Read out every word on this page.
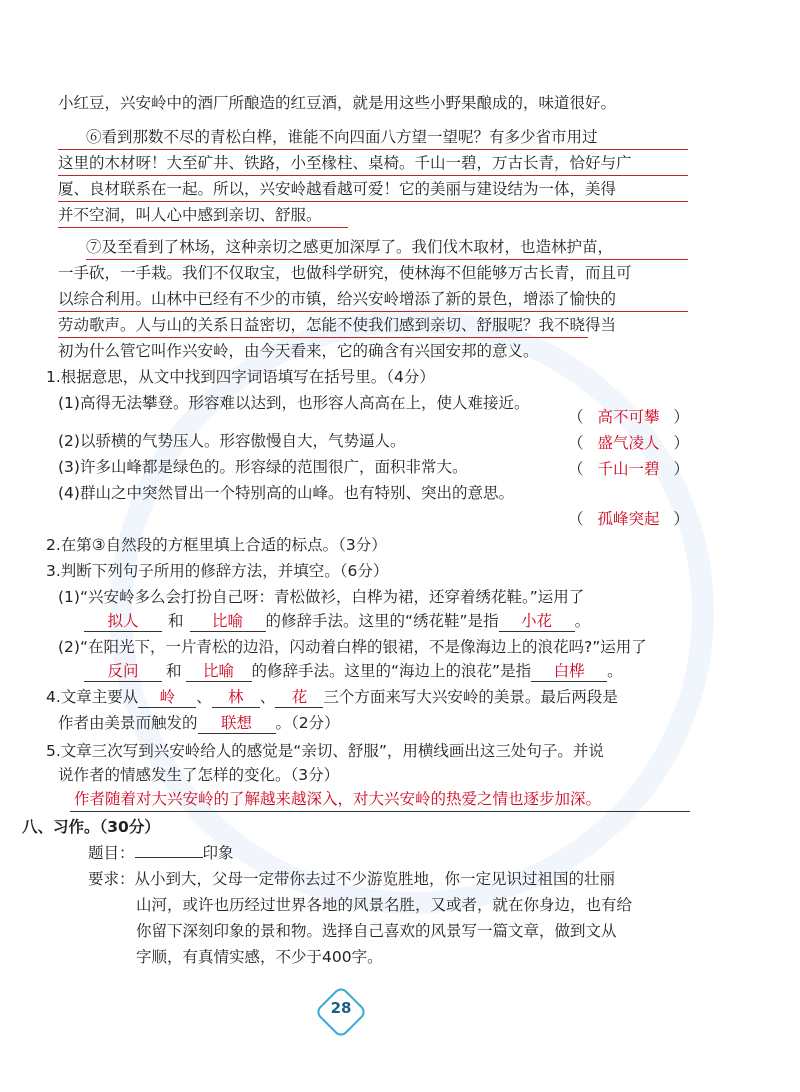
小红豆，兴安岭中的酒厂所酿造的红豆酒，就是用这些小野果酿成的，味道很好。
⑥看到那数不尽的青松白桦，谁能不向四面八方望一望呢？有多少省市用过
这里的木材呀！大至矿井、铁路，小至椽柱、桌椅。千山一碧，万古长青，恰好与广
厦、良材联系在一起。所以，兴安岭越看越可爱！它的美丽与建设结为一体，美得
并不空洞，叫人心中感到亲切、舒服。
⑦及至看到了林场，这种亲切之感更加深厚了。我们伐木取材，也造林护苗，
一手砍，一手栽。我们不仅取宝，也做科学研究，使林海不但能够万古长青，而且可
以综合利用。山林中已经有不少的市镇，给兴安岭增添了新的景色，增添了愉快的
劳动歌声。人与山的关系日益密切，怎能不使我们感到亲切、舒服呢？我不晓得当
初为什么管它叫作兴安岭，由今天看来，它的确含有兴国安邦的意义。
1.根据意思，从文中找到四字词语填写在括号里。（4分）
(1)高得无法攀登。形容难以达到，也形容人高高在上，使人难接近。
（ 高不可攀 ）
(2)以骄横的气势压人。形容傲慢自大，气势逼人。	（ 盛气凌人 ）
(3)许多山峰都是绿色的。形容绿的范围很广，面积非常大。	（ 千山一碧 ）
(4)群山之中突然冒出一个特别高的山峰。也有特别、突出的意思。
（ 孤峰突起 ）
2.在第③自然段的方框里填上合适的标点。（3分）
3.判断下列句子所用的修辞方法，并填空。（6分）
(1)“兴安岭多么会打扮自己呀：青松做衫，白桦为裙，还穿着绣花鞋。”运用了
拟人 和 比喻 的修辞手法。这里的“绣花鞋”是指 小花 。
(2)“在阳光下，一片青松的边沿，闪动着白桦的银裙，不是像海边上的浪花吗?”运用了
反问 和 比喻 的修辞手法。这里的“海边上的浪花”是指 白桦 。
4.文章主要从 岭 、 林 、 花 三个方面来写大兴安岭的美景。最后两段是
作者由美景而触发的 联想 。（2分）
5.文章三次写到兴安岭给人的感觉是“亲切、舒服”，用横线画出这三处句子。并说
说作者的情感发生了怎样的变化。（3分）
作者随着对大兴安岭的了解越来越深入，对大兴安岭的热爱之情也逐步加深。
八、习作。（30分）
题目：	印象
要求：从小到大，父母一定带你去过不少游览胜地，你一定见识过祖国的壮丽
山河，或许也历经过世界各地的风景名胜，又或者，就在你身边，也有给
你留下深刻印象的景和物。选择自己喜欢的风景写一篇文章，做到文从
字顺，有真情实感，不少于400字。
28
